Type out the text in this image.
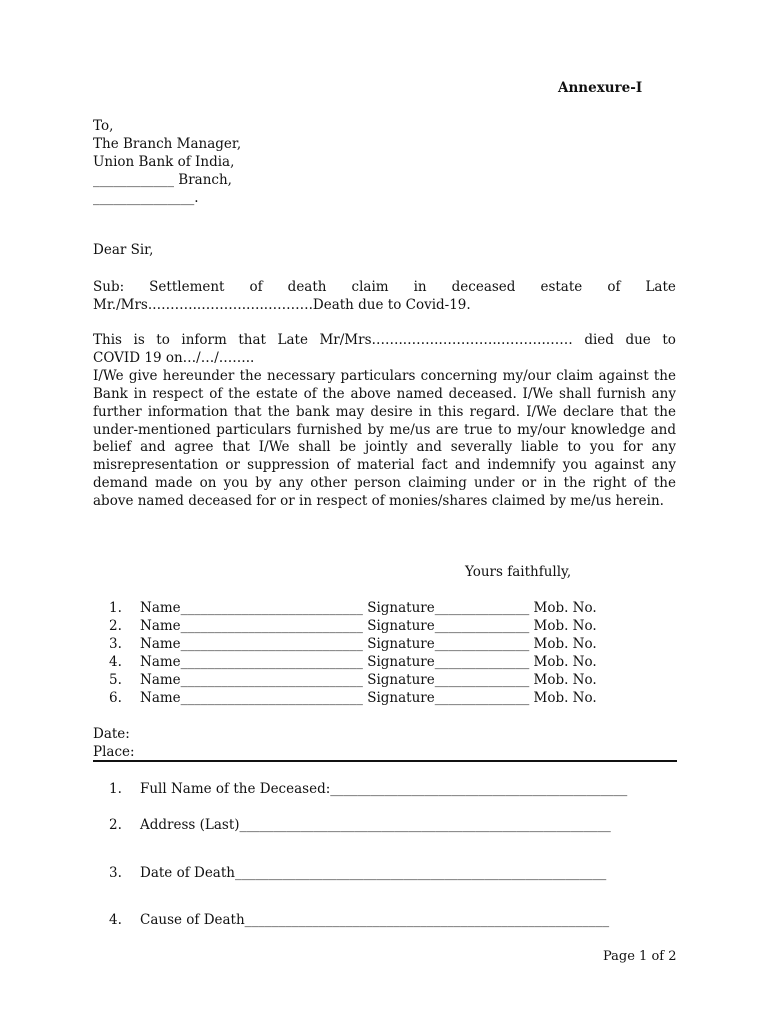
Annexure-I
To,
The Branch Manager,
Union Bank of India,
____________ Branch,
_______________.
Dear Sir,
Sub: Settlement of death claim in deceased estate of Late
Mr./Mrs.………..……….…..……….Death due to Covid-19.
This is to inform that Late Mr/Mrs……..…….…………..……….…… died due to
COVID 19 on…/…/……..

I/We give hereunder the necessary particulars concerning my/our claim against the Bank in respect of the estate of the above named deceased. I/We shall furnish any further information that the bank may desire in this regard. I/We declare that the under-mentioned particulars furnished by me/us are true to my/our knowledge and belief and agree that I/We shall be jointly and severally liable to you for any misrepresentation or suppression of material fact and indemnify you against any demand made on you by any other person claiming under or in the right of the above named deceased for or in respect of monies/shares claimed by me/us herein.

Yours faithfully,
1.	Name___________________________ Signature______________ Mob. No.
2.	Name___________________________ Signature______________ Mob. No.
3.	Name___________________________ Signature______________ Mob. No.
4.	Name___________________________ Signature______________ Mob. No.
5.	Name___________________________ Signature______________ Mob. No.
6.	Name___________________________ Signature______________ Mob. No.
Date:
Place:
1.	Full Name of the Deceased:____________________________________________
2.	Address (Last)_______________________________________________________
3.	Date of Death_______________________________________________________
4.	Cause of Death______________________________________________________
Page 1 of 2
